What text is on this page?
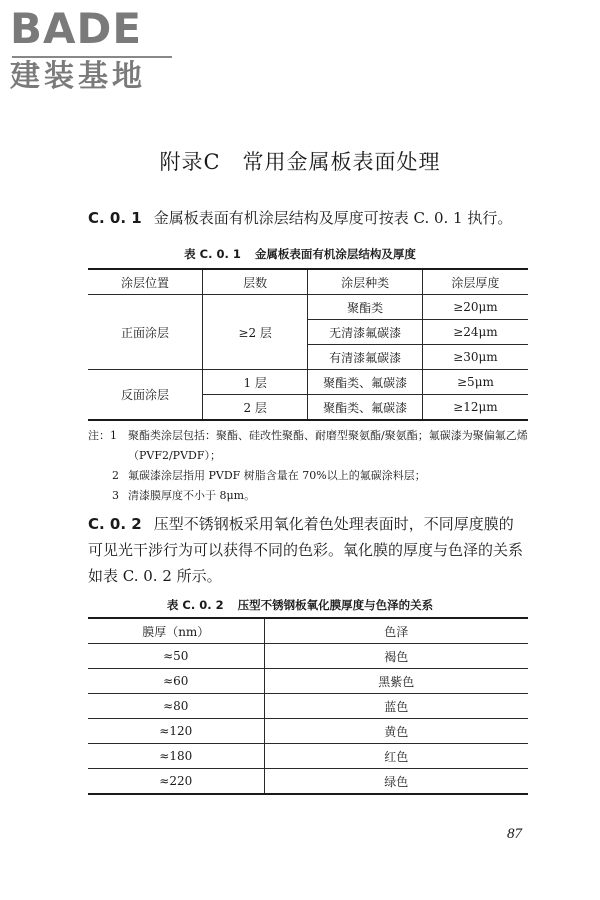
BADE
建装基地
附录C　常用金属板表面处理
C. 0. 1 金属板表面有机涂层结构及厚度可按表 C. 0. 1 执行。
表 C. 0. 1 金属板表面有机涂层结构及厚度
涂层位置	层数	涂层种类	涂层厚度
正面涂层	≥2 层	聚酯类	≥20μm
		无清漆氟碳漆	≥24μm
		有清漆氟碳漆	≥30μm
反面涂层	1 层	聚酯类、氟碳漆	≥5μm
	2 层	聚酯类、氟碳漆	≥12μm
注：1 聚酯类涂层包括：聚酯、硅改性聚酯、耐磨型聚氨酯/聚氨酯；氟碳漆为聚偏氟乙烯（PVF2/PVDF）；
2 氟碳漆涂层指用 PVDF 树脂含量在 70%以上的氟碳涂料层；
3 清漆膜厚度不小于 8μm。
C. 0. 2 压型不锈钢板采用氧化着色处理表面时，不同厚度膜的可见光干涉行为可以获得不同的色彩。氧化膜的厚度与色泽的关系如表 C. 0. 2 所示。
表 C. 0. 2 压型不锈钢板氧化膜厚度与色泽的关系
膜厚（nm）	色泽
≈50	褐色
≈60	黑紫色
≈80	蓝色
≈120	黄色
≈180	红色
≈220	绿色
87
